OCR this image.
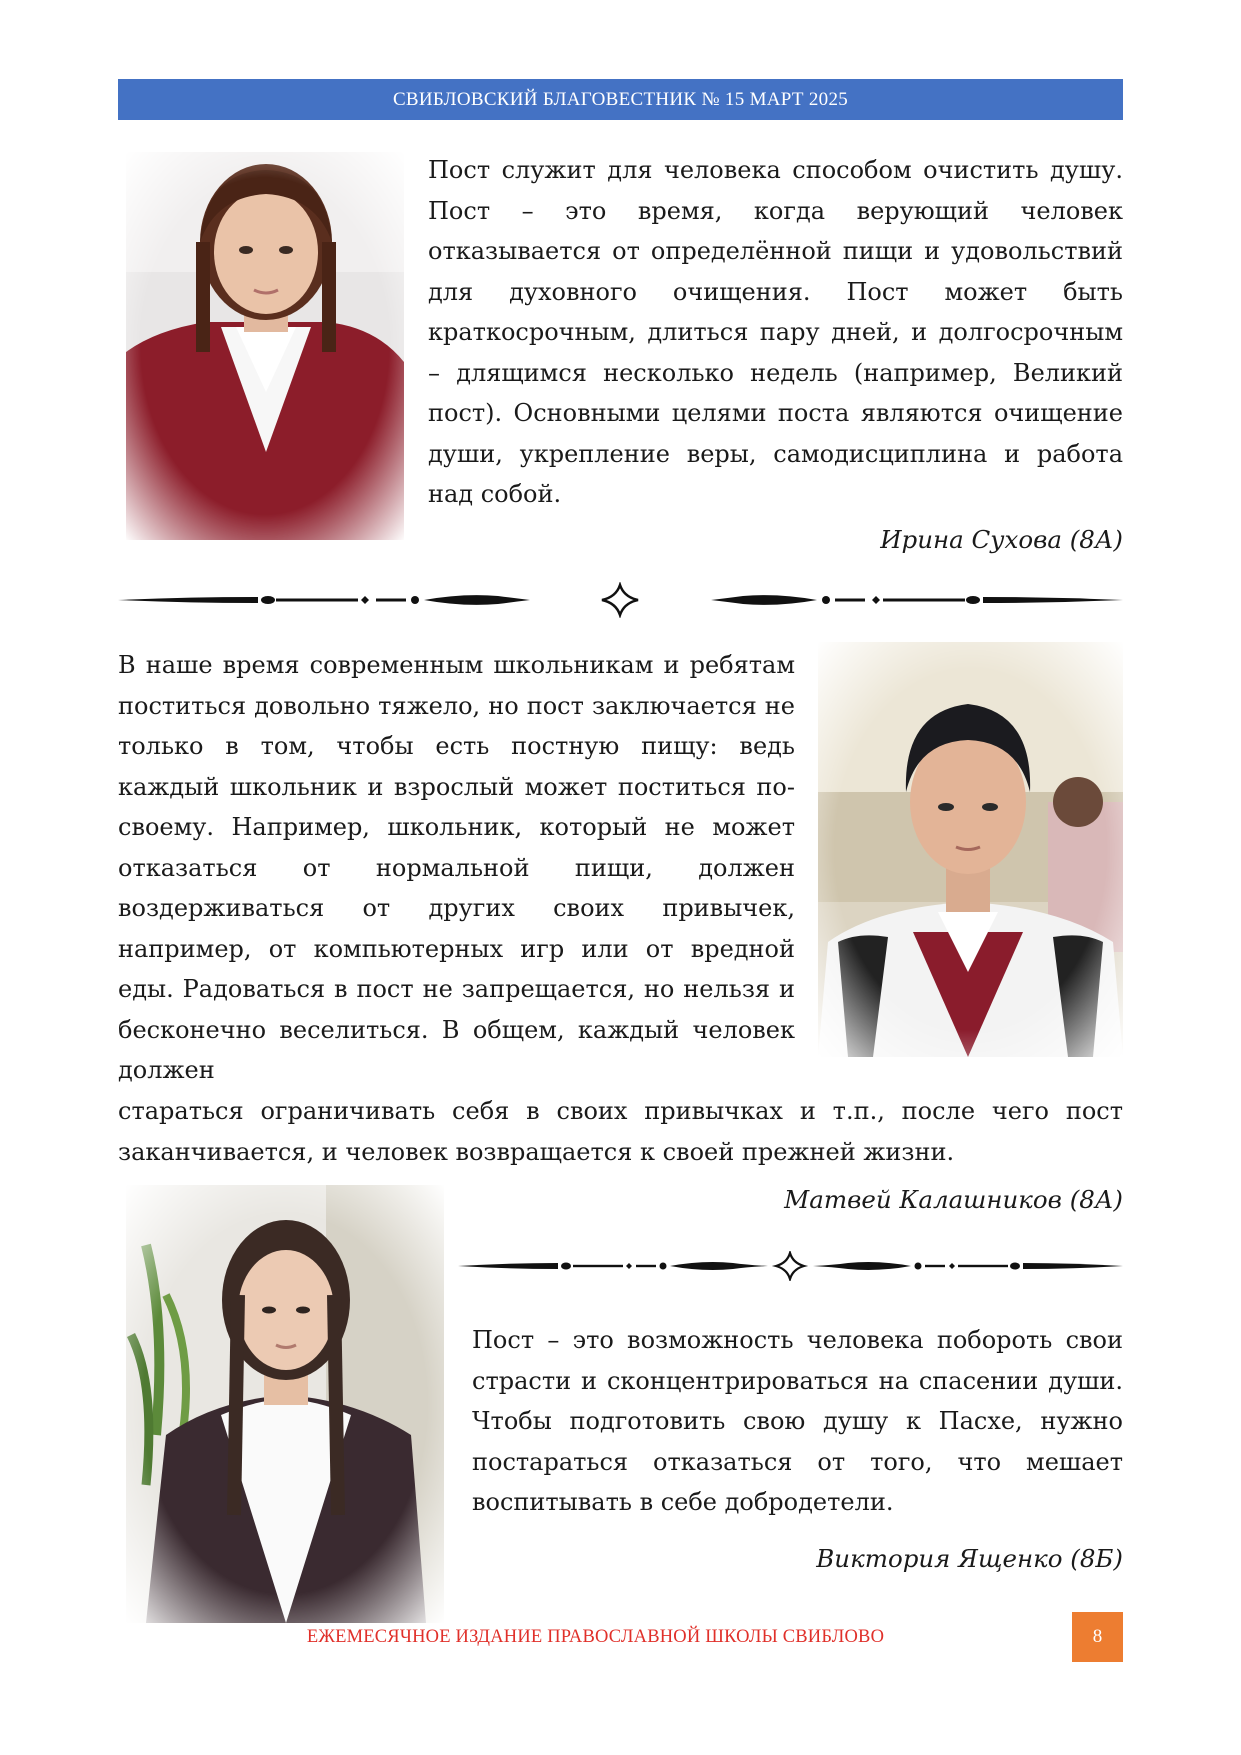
СВИБЛОВСКИЙ БЛАГОВЕСТНИК № 15 МАРТ 2025

Пост служит для человека способом очистить душу. Пост – это время, когда верующий человек отказывается от определённой пищи и удовольствий для духовного очищения. Пост может быть краткосрочным, длиться пару дней, и долгосрочным – длящимся несколько недель (например, Великий пост). Основными целями поста являются очищение души, укрепление веры, самодисциплина и работа над собой.

Ирина Сухова (8А)

В наше время современным школьникам и ребятам поститься довольно тяжело, но пост заключается не только в том, чтобы есть постную пищу: ведь каждый школьник и взрослый может поститься по-своему. Например, школьник, который не может отказаться от нормальной пищи, должен воздерживаться от других своих привычек, например, от компьютерных игр или от вредной еды. Радоваться в пост не запрещается, но нельзя и бесконечно веселиться. В общем, каждый человек должен

стараться ограничивать себя в своих привычках и т.п., после чего пост заканчивается, и человек возвращается к своей прежней жизни.

Матвей Калашников (8А)

Пост – это возможность человека побороть свои страсти и сконцентрироваться на спасении души. Чтобы подготовить свою душу к Пасхе, нужно постараться отказаться от того, что мешает воспитывать в себе добродетели.

Виктория Ященко (8Б)

ЕЖЕМЕСЯЧНОЕ ИЗДАНИЕ ПРАВОСЛАВНОЙ ШКОЛЫ СВИБЛОВО	8
